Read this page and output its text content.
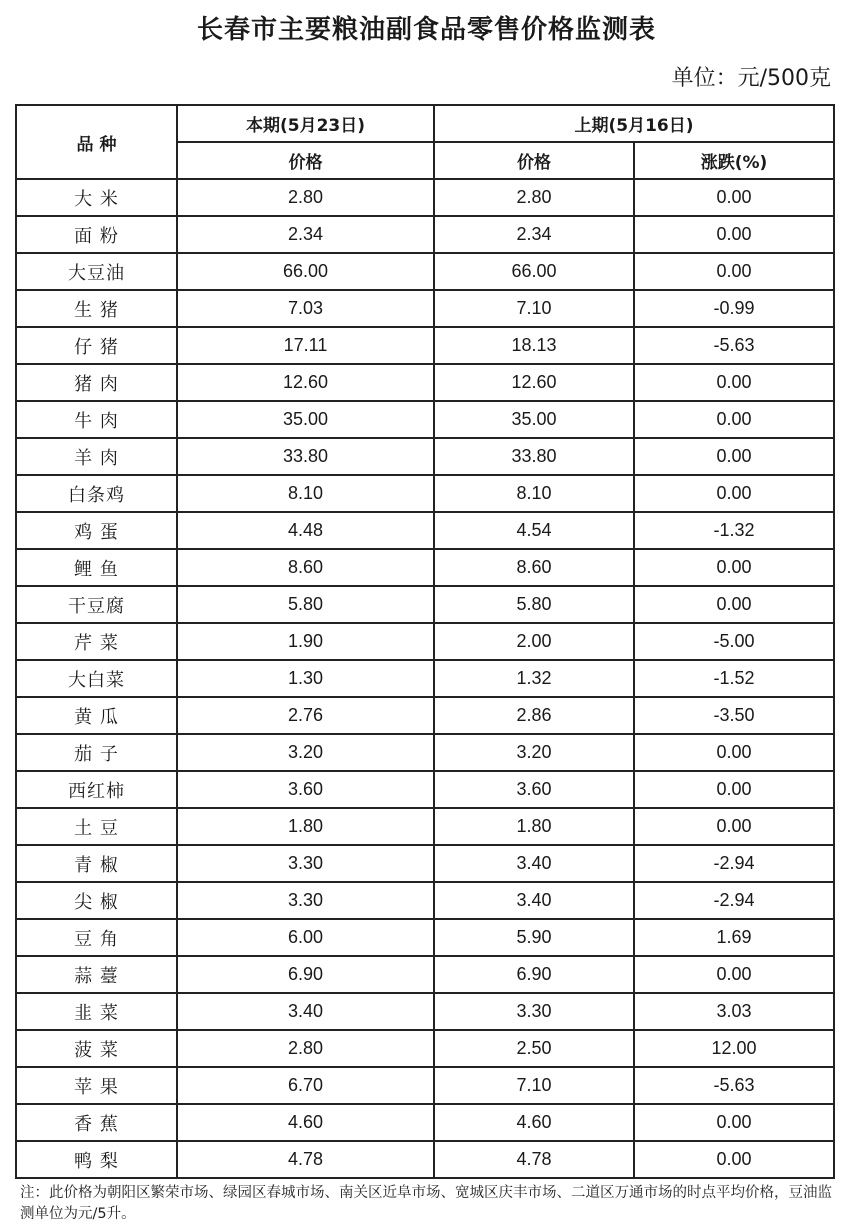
长春市主要粮油副食品零售价格监测表
单位：元/500克
品 种	本期(5月23日)	上期(5月16日)	
	价格	价格	涨跌(%)
大 米	2.80	2.80	0.00
面 粉	2.34	2.34	0.00
大豆油	66.00	66.00	0.00
生 猪	7.03	7.10	-0.99
仔 猪	17.11	18.13	-5.63
猪 肉	12.60	12.60	0.00
牛 肉	35.00	35.00	0.00
羊 肉	33.80	33.80	0.00
白条鸡	8.10	8.10	0.00
鸡 蛋	4.48	4.54	-1.32
鲤 鱼	8.60	8.60	0.00
干豆腐	5.80	5.80	0.00
芹 菜	1.90	2.00	-5.00
大白菜	1.30	1.32	-1.52
黄 瓜	2.76	2.86	-3.50
茄 子	3.20	3.20	0.00
西红柿	3.60	3.60	0.00
土 豆	1.80	1.80	0.00
青 椒	3.30	3.40	-2.94
尖 椒	3.30	3.40	-2.94
豆 角	6.00	5.90	1.69
蒜 薹	6.90	6.90	0.00
韭 菜	3.40	3.30	3.03
菠 菜	2.80	2.50	12.00
苹 果	6.70	7.10	-5.63
香 蕉	4.60	4.60	0.00
鸭 梨	4.78	4.78	0.00
注：此价格为朝阳区繁荣市场、绿园区春城市场、南关区近阜市场、宽城区庆丰市场、二道区万通市场的时点平均价格，豆油监测单位为元/5升。
